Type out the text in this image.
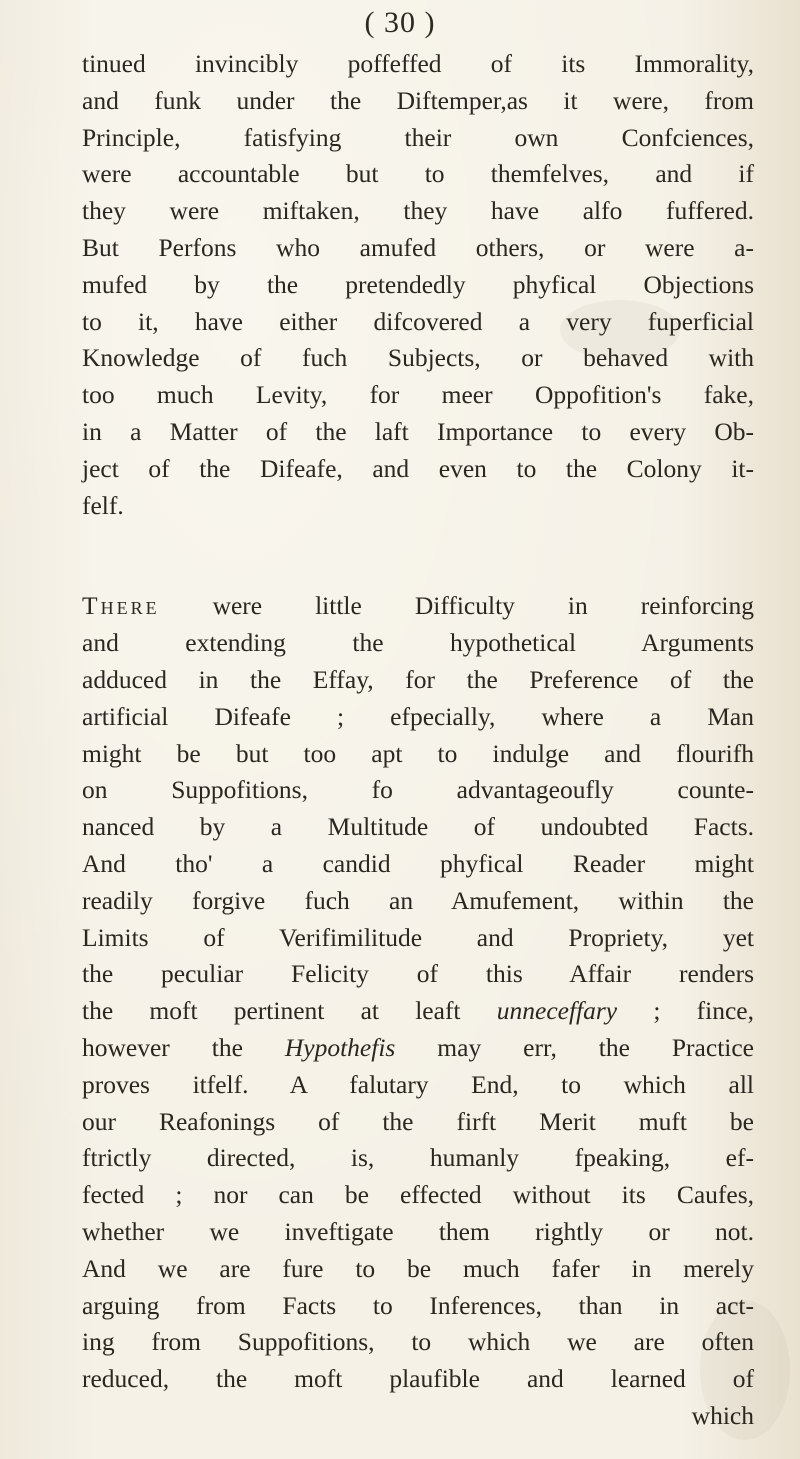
( 30 )
tinued invincibly poffeffed of its Immorality,
and funk under the Diftemper,as it were, from
Principle, fatisfying their own Confciences,
were accountable but to themfelves, and if
they were miftaken, they have alfo fuffered.
But Perfons who amufed others, or were a-
mufed by the pretendedly phyfical Objections
to it, have either difcovered a very fuperficial
Knowledge of fuch Subjects, or behaved with
too much Levity, for meer Oppofition's fake,
in a Matter of the laft Importance to every Ob-
ject of the Difeafe, and even to the Colony it-
felf.
There were little Difficulty in reinforcing
and extending the hypothetical Arguments
adduced in the Effay, for the Preference of the
artificial Difeafe ; efpecially, where a Man
might be but too apt to indulge and flourifh
on Suppofitions, fo advantageoufly counte-
nanced by a Multitude of undoubted Facts.
And tho' a candid phyfical Reader might
readily forgive fuch an Amufement, within the
Limits of Verifimilitude and Propriety, yet
the peculiar Felicity of this Affair renders
the moft pertinent at leaft unneceffary ; fince,
however the Hypothefis may err, the Practice
proves itfelf. A falutary End, to which all
our Reafonings of the firft Merit muft be
ftrictly directed, is, humanly fpeaking, ef-
fected ; nor can be effected without its Caufes,
whether we inveftigate them rightly or not.
And we are fure to be much fafer in merely
arguing from Facts to Inferences, than in act-
ing from Suppofitions, to which we are often
reduced, the moft plaufible and learned of
which
